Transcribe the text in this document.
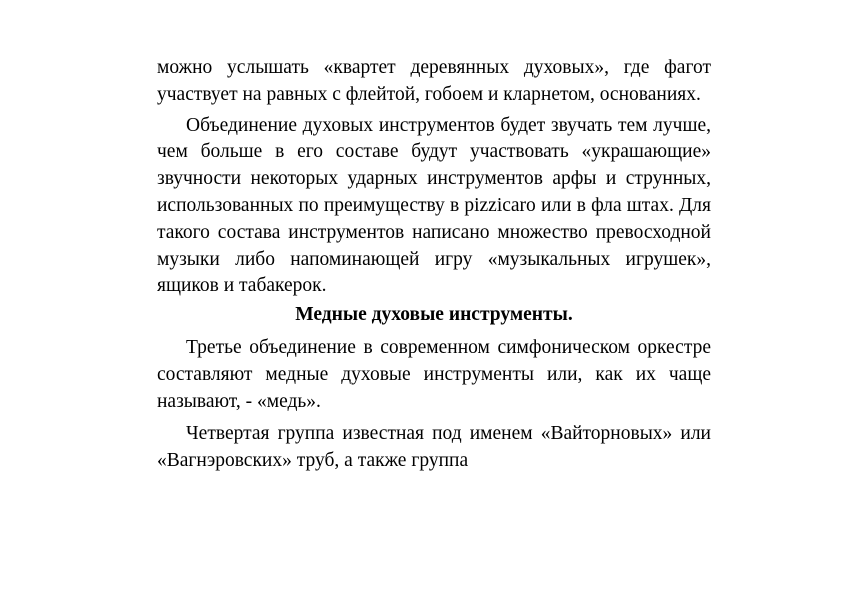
можно услышать «квартет деревянных духовых», где фагот участвует на равных с флейтой, гобоем и кларнетом, основаниях.

Объединение духовых инструментов будет звучать тем лучше, чем больше в его составе будут участвовать «украшающие» звучности некоторых ударных инструментов арфы и струнных, использованных по преимуществу в pizzicaro или в фла штах. Для такого состава инструментов написано множество превосходной музыки либо напоминающей игру «музыкальных игрушек», ящиков и табакерок.

Медные духовые инструменты.

Третье объединение в современном симфоническом оркестре составляют медные духовые инструменты или, как их чаще называют, - «медь».

Четвертая группа известная под именем «Вайторновых» или «Вагнэровских» труб, а также группа
